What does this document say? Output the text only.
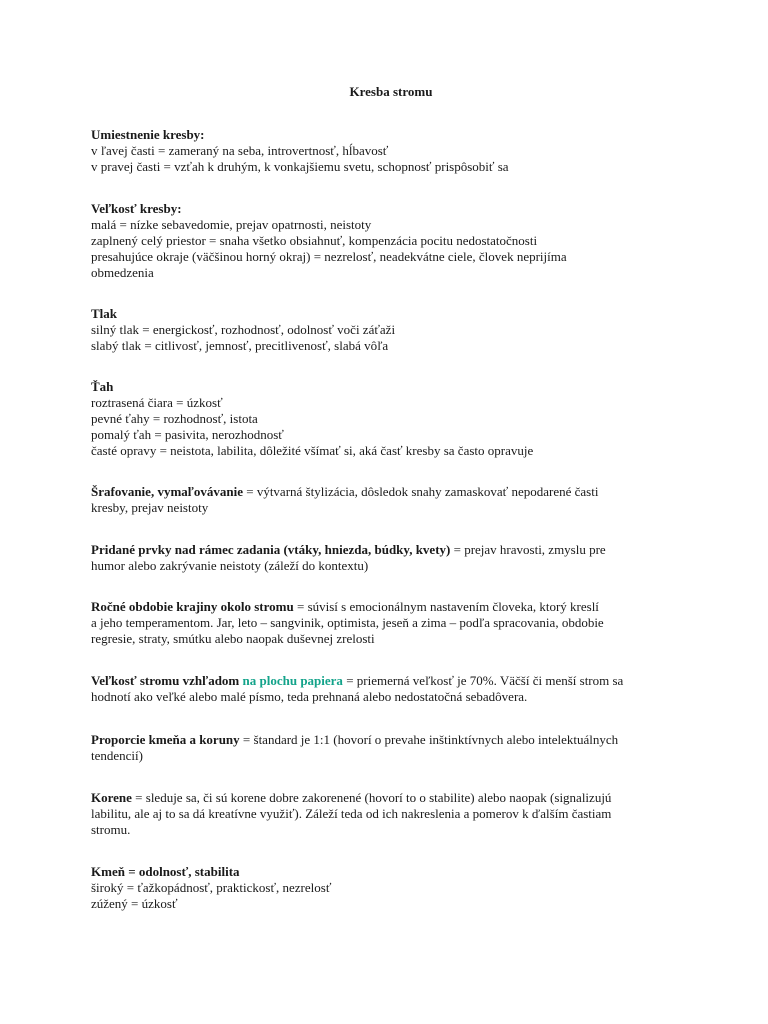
Kresba stromu
Umiestnenie kresby:
v ľavej časti = zameraný na seba, introvertnosť, hĺbavosť
v pravej časti = vzťah k druhým, k vonkajšiemu svetu, schopnosť prispôsobiť sa
Veľkosť kresby:
malá = nízke sebavedomie, prejav opatrnosti, neistoty
zaplnený celý priestor = snaha všetko obsiahnuť, kompenzácia pocitu nedostatočnosti
presahujúce okraje (väčšinou horný okraj) = nezrelosť, neadekvátne ciele, človek neprijíma
obmedzenia
Tlak
silný tlak = energickosť, rozhodnosť, odolnosť voči záťaži
slabý tlak = citlivosť, jemnosť, precitlivenosť, slabá vôľa
Ťah
roztrasená čiara = úzkosť
pevné ťahy = rozhodnosť, istota
pomalý ťah = pasivita, nerozhodnosť
časté opravy = neistota, labilita, dôležité všímať si, aká časť kresby sa často opravuje
Šrafovanie, vymaľovávanie = výtvarná štylizácia, dôsledok snahy zamaskovať nepodarené časti
kresby, prejav neistoty
Pridané prvky nad rámec zadania (vtáky, hniezda, búdky, kvety) = prejav hravosti, zmyslu pre
humor alebo zakrývanie neistoty (záleží do kontextu)
Ročné obdobie krajiny okolo stromu = súvisí s emocionálnym nastavením človeka, ktorý kreslí
a jeho temperamentom. Jar, leto – sangvinik, optimista, jeseň a zima – podľa spracovania, obdobie
regresie, straty, smútku alebo naopak duševnej zrelosti
Veľkosť stromu vzhľadom na plochu papiera = priemerná veľkosť je 70%. Väčší či menší strom sa
hodnotí ako veľké alebo malé písmo, teda prehnaná alebo nedostatočná sebadôvera.
Proporcie kmeňa a koruny = štandard je 1:1 (hovorí o prevahe inštinktívnych alebo intelektuálnych
tendencií)
Korene = sleduje sa, či sú korene dobre zakorenené (hovorí to o stabilite) alebo naopak (signalizujú
labilitu, ale aj to sa dá kreatívne využiť). Záleží teda od ich nakreslenia a pomerov k ďalším častiam
stromu.
Kmeň = odolnosť, stabilita
široký = ťažkopádnosť, praktickosť, nezrelosť
zúžený = úzkosť
